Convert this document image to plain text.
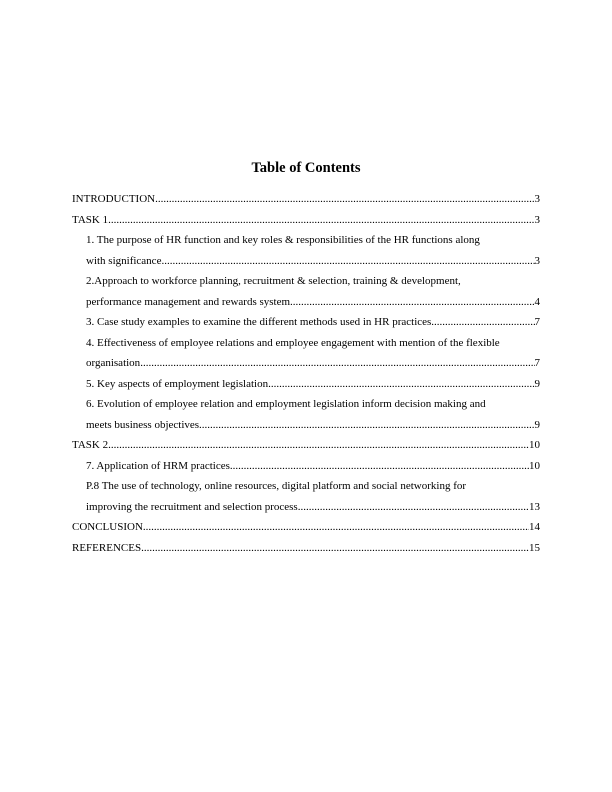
Table of Contents
INTRODUCTION .....	3
TASK 1 .....	3
1. The purpose of HR function and key roles & responsibilities of the HR functions along
with significance .....	3
2.Approach to workforce planning, recruitment & selection, training & development,
performance management and rewards system .....	4
3. Case study examples to examine the different methods used in HR practices .....	7
4. Effectiveness of employee relations and employee engagement with mention of the flexible
organisation .....	7
5. Key aspects of employment legislation .....	9
6. Evolution of employee relation and employment legislation inform decision making and
meets business objectives .....	9
TASK 2 .....	10
7. Application of HRM practices .....	10
P.8 The use of technology, online resources, digital platform and social networking for
improving the recruitment and selection process .....	13
CONCLUSION .....	14
REFERENCES .....	15
